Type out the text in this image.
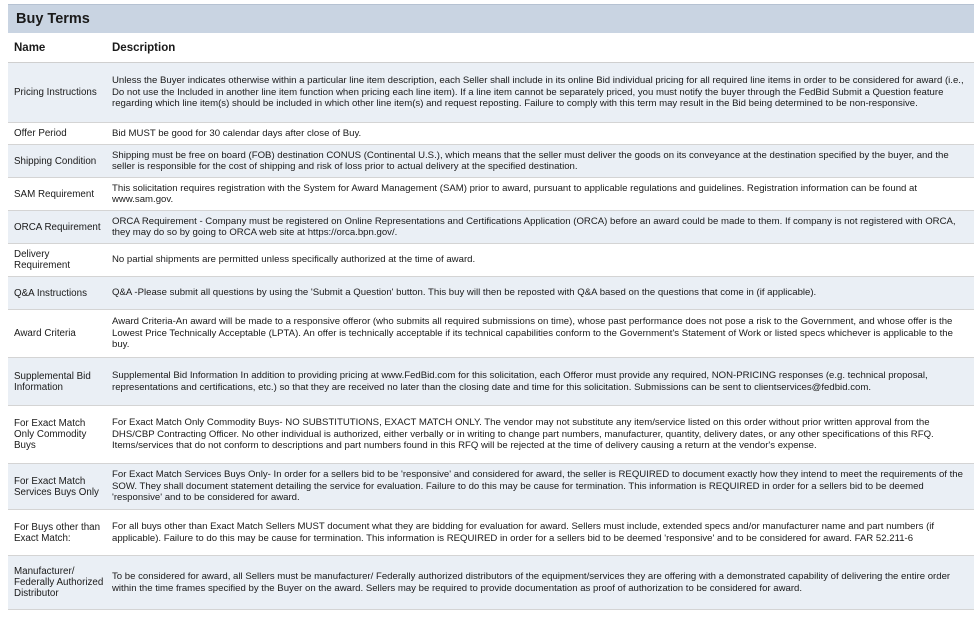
Buy Terms
Name	Description
Pricing Instructions	Unless the Buyer indicates otherwise within a particular line item description, each Seller shall include in its online Bid individual pricing for all required line items in order to be considered for award (i.e., Do not use the Included in another line item function when pricing each line item). If a line item cannot be separately priced, you must notify the buyer through the FedBid Submit a Question feature regarding which line item(s) should be included in which other line item(s) and request reposting. Failure to comply with this term may result in the Bid being determined to be non-responsive.
Offer Period	Bid MUST be good for 30 calendar days after close of Buy.
Shipping Condition	Shipping must be free on board (FOB) destination CONUS (Continental U.S.), which means that the seller must deliver the goods on its conveyance at the destination specified by the buyer, and the seller is responsible for the cost of shipping and risk of loss prior to actual delivery at the specified destination.
SAM Requirement	This solicitation requires registration with the System for Award Management (SAM) prior to award, pursuant to applicable regulations and guidelines. Registration information can be found at www.sam.gov.
ORCA Requirement	ORCA Requirement - Company must be registered on Online Representations and Certifications Application (ORCA) before an award could be made to them. If company is not registered with ORCA, they may do so by going to ORCA web site at https://orca.bpn.gov/.
Delivery Requirement	No partial shipments are permitted unless specifically authorized at the time of award.
Q&A Instructions	Q&A -Please submit all questions by using the 'Submit a Question' button. This buy will then be reposted with Q&A based on the questions that come in (if applicable).
Award Criteria	Award Criteria-An award will be made to a responsive offeror (who submits all required submissions on time), whose past performance does not pose a risk to the Government, and whose offer is the Lowest Price Technically Acceptable (LPTA). An offer is technically acceptable if its technical capabilities conform to the Government's Statement of Work or listed specs whichever is applicable to the buy.
Supplemental Bid Information	Supplemental Bid Information In addition to providing pricing at www.FedBid.com for this solicitation, each Offeror must provide any required, NON-PRICING responses (e.g. technical proposal, representations and certifications, etc.) so that they are received no later than the closing date and time for this solicitation. Submissions can be sent to clientservices@fedbid.com.
For Exact Match Only Commodity Buys	For Exact Match Only Commodity Buys- NO SUBSTITUTIONS, EXACT MATCH ONLY. The vendor may not substitute any item/service listed on this order without prior written approval from the DHS/CBP Contracting Officer. No other individual is authorized, either verbally or in writing to change part numbers, manufacturer, quantity, delivery dates, or any other specifications of this RFQ. Items/services that do not conform to descriptions and part numbers found in this RFQ will be rejected at the time of delivery causing a return at the vendor's expense.
For Exact Match Services Buys Only	For Exact Match Services Buys Only- In order for a sellers bid to be 'responsive' and considered for award, the seller is REQUIRED to document exactly how they intend to meet the requirements of the SOW. They shall document statement detailing the service for evaluation. Failure to do this may be cause for termination. This information is REQUIRED in order for a sellers bid to be deemed 'responsive' and to be considered for award.
For Buys other than Exact Match:	For all buys other than Exact Match Sellers MUST document what they are bidding for evaluation for award. Sellers must include, extended specs and/or manufacturer name and part numbers (if applicable). Failure to do this may be cause for termination. This information is REQUIRED in order for a sellers bid to be deemed 'responsive' and to be considered for award. FAR 52.211-6
Manufacturer/ Federally Authorized Distributor	To be considered for award, all Sellers must be manufacturer/ Federally authorized distributors of the equipment/services they are offering with a demonstrated capability of delivering the entire order within the time frames specified by the Buyer on the award. Sellers may be required to provide documentation as proof of authorization to be considered for award.
